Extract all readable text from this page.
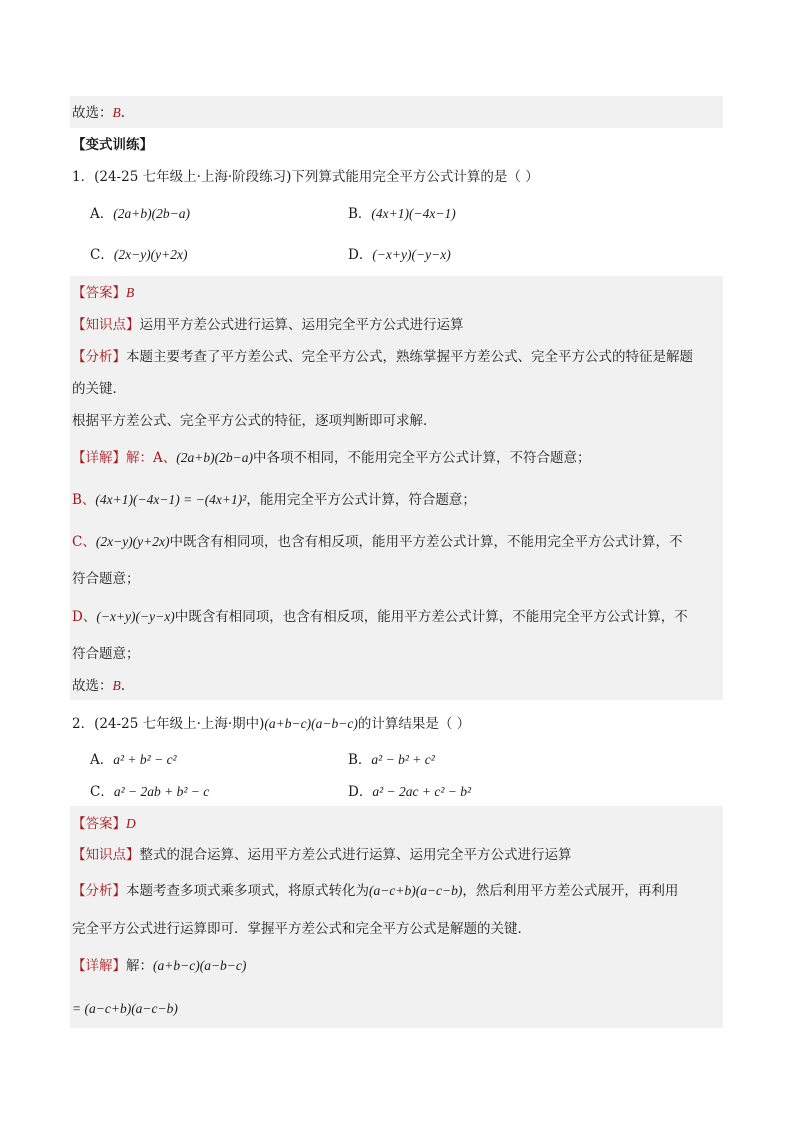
故选：B.
【变式训练】
1．(24-25 七年级上·上海·阶段练习)下列算式能用完全平方公式计算的是（ ）
A．(2a+b)(2b−a)	B．(4x+1)(−4x−1)
C．(2x−y)(y+2x)	D．(−x+y)(−y−x)
【答案】B
【知识点】运用平方差公式进行运算、运用完全平方公式进行运算
【分析】本题主要考查了平方差公式、完全平方公式，熟练掌握平方差公式、完全平方公式的特征是解题
的关键．
根据平方差公式、完全平方公式的特征，逐项判断即可求解．
【详解】解：A、(2a+b)(2b−a)中各项不相同，不能用完全平方公式计算，不符合题意；
B、(4x+1)(−4x−1) = −(4x+1)²，能用完全平方公式计算，符合题意；
C、(2x−y)(y+2x)中既含有相同项，也含有相反项，能用平方差公式计算，不能用完全平方公式计算，不
符合题意；
D、(−x+y)(−y−x)中既含有相同项，也含有相反项，能用平方差公式计算，不能用完全平方公式计算，不
符合题意；
故选：B.
2．(24-25 七年级上·上海·期中)(a+b−c)(a−b−c)的计算结果是（ ）
A．a² + b² − c²	B．a² − b² + c²
C．a² − 2ab + b² − c	D．a² − 2ac + c² − b²
【答案】D
【知识点】整式的混合运算、运用平方差公式进行运算、运用完全平方公式进行运算
【分析】本题考查多项式乘多项式，将原式转化为(a−c+b)(a−c−b)，然后利用平方差公式展开，再利用
完全平方公式进行运算即可．掌握平方差公式和完全平方公式是解题的关键．
【详解】解：(a+b−c)(a−b−c)
= (a−c+b)(a−c−b)
